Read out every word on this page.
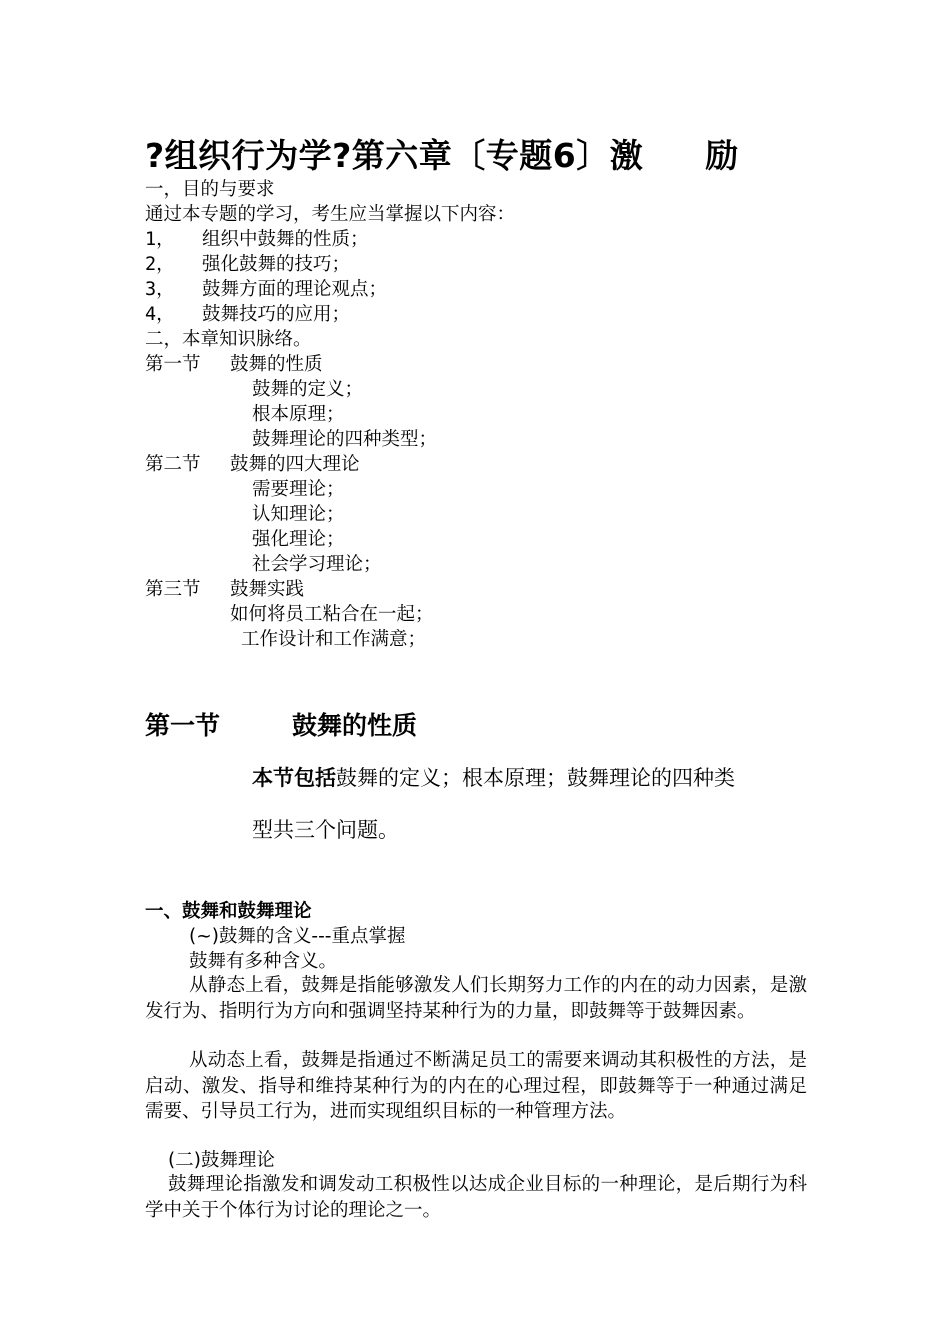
?组织行为学?第六章〔专题6〕激 励
一，目的与要求
通过本专题的学习，考生应当掌握以下内容：
1， 组织中鼓舞的性质；
2， 强化鼓舞的技巧；
3， 鼓舞方面的理论观点；
4， 鼓舞技巧的应用；
二，本章知识脉络。
第一节 鼓舞的性质
鼓舞的定义；
根本原理；
鼓舞理论的四种类型；
第二节 鼓舞的四大理论
需要理论；
认知理论；
强化理论；
社会学习理论；
第三节 鼓舞实践
如何将员工粘合在一起；
工作设计和工作满意；
第一节	鼓舞的性质
本节包括鼓舞的定义；根本原理；鼓舞理论的四种类
型共三个问题。
一、鼓舞和鼓舞理论
(~)鼓舞的含义---重点掌握
鼓舞有多种含义。
从静态上看，鼓舞是指能够激发人们长期努力工作的内在的动力因素，是激发行为、指明行为方向和强调坚持某种行为的力量，即鼓舞等于鼓舞因素。
从动态上看，鼓舞是指通过不断满足员工的需要来调动其积极性的方法，是启动、激发、指导和维持某种行为的内在的心理过程，即鼓舞等于一种通过满足需要、引导员工行为，进而实现组织目标的一种管理方法。
(二)鼓舞理论
鼓舞理论指激发和调发动工积极性以达成企业目标的一种理论，是后期行为科学中关于个体行为讨论的理论之一。
